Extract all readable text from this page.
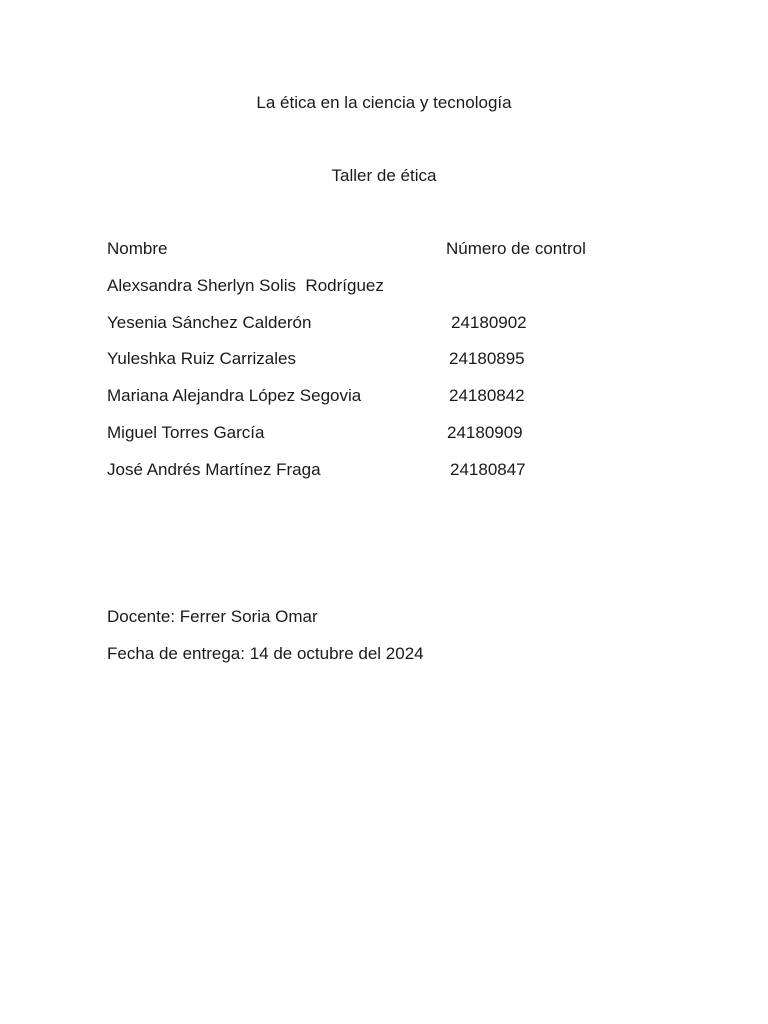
La ética en la ciencia y tecnología
Taller de ética
Nombre	Número de control
Alexsandra Sherlyn Solis  Rodríguez
Yesenia Sánchez Calderón	24180902
Yuleshka Ruiz Carrizales	24180895
Mariana Alejandra López Segovia	24180842
Miguel Torres García	24180909
José Andrés Martínez Fraga	24180847
Docente: Ferrer Soria Omar
Fecha de entrega: 14 de octubre del 2024
